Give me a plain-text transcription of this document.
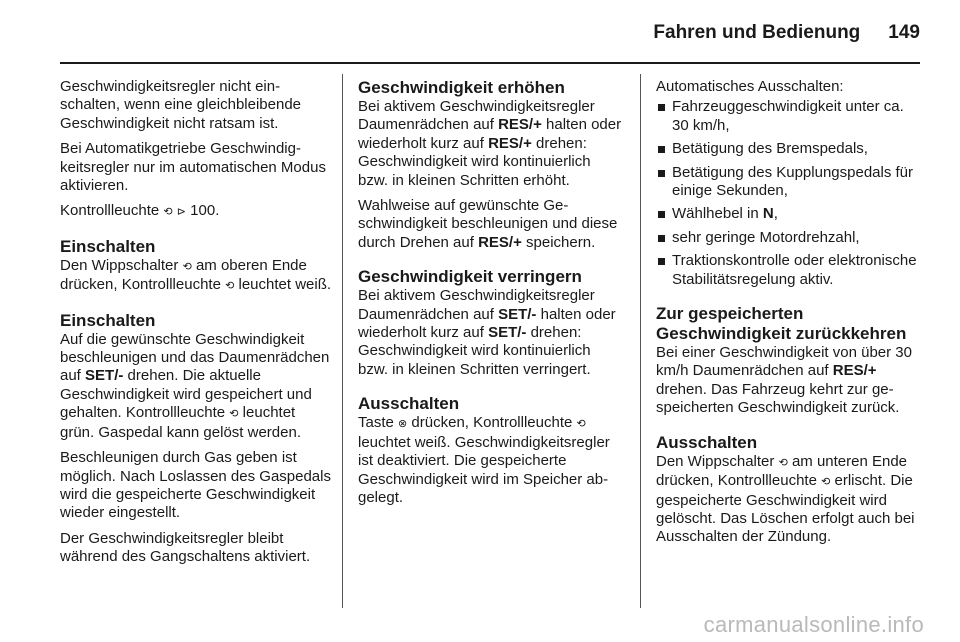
Fahren und Bedienung 149

Geschwindigkeitsregler nicht einschalten, wenn eine gleichbleibende Geschwindigkeit nicht ratsam ist.

Bei Automatikgetriebe Geschwindigkeitsregler nur im automatischen Modus aktivieren.

Kontrollleuchte ⟲ ⊳ 100.

Einschalten

Den Wippschalter ⟲ am oberen Ende drücken, Kontrollleuchte ⟲ leuchtet weiß.

Einschalten

Auf die gewünschte Geschwindigkeit beschleunigen und das Daumenrädchen auf SET/- drehen. Die aktuelle Geschwindigkeit wird gespeichert und gehalten. Kontrollleuchte ⟲ leuchtet grün. Gaspedal kann gelöst werden.

Beschleunigen durch Gas geben ist möglich. Nach Loslassen des Gaspedals wird die gespeicherte Geschwindigkeit wieder eingestellt.

Der Geschwindigkeitsregler bleibt während des Gangschaltens aktiviert.

Geschwindigkeit erhöhen

Bei aktivem Geschwindigkeitsregler Daumenrädchen auf RES/+ halten oder wiederholt kurz auf RES/+ drehen: Geschwindigkeit wird kontinuierlich bzw. in kleinen Schritten erhöht.

Wahlweise auf gewünschte Geschwindigkeit beschleunigen und diese durch Drehen auf RES/+ speichern.

Geschwindigkeit verringern

Bei aktivem Geschwindigkeitsregler Daumenrädchen auf SET/- halten oder wiederholt kurz auf SET/- drehen: Geschwindigkeit wird kontinuierlich bzw. in kleinen Schritten verringert.

Ausschalten

Taste ⊗ drücken, Kontrollleuchte ⟲ leuchtet weiß. Geschwindigkeitsregler ist deaktiviert. Die gespeicherte Geschwindigkeit wird im Speicher abgelegt.

Automatisches Ausschalten:

Fahrzeuggeschwindigkeit unter ca. 30 km/h,
Betätigung des Bremspedals,
Betätigung des Kupplungspedals für einige Sekunden,
Wählhebel in N,
sehr geringe Motordrehzahl,
Traktionskontrolle oder elektronische Stabilitätsregelung aktiv.
Zur gespeicherten Geschwindigkeit zurückkehren

Bei einer Geschwindigkeit von über 30 km/h Daumenrädchen auf RES/+ drehen. Das Fahrzeug kehrt zur gespeicherten Geschwindigkeit zurück.

Ausschalten

Den Wippschalter ⟲ am unteren Ende drücken, Kontrollleuchte ⟲ erlischt. Die gespeicherte Geschwindigkeit wird gelöscht. Das Löschen erfolgt auch bei Ausschalten der Zündung.

carmanualsonline.info
